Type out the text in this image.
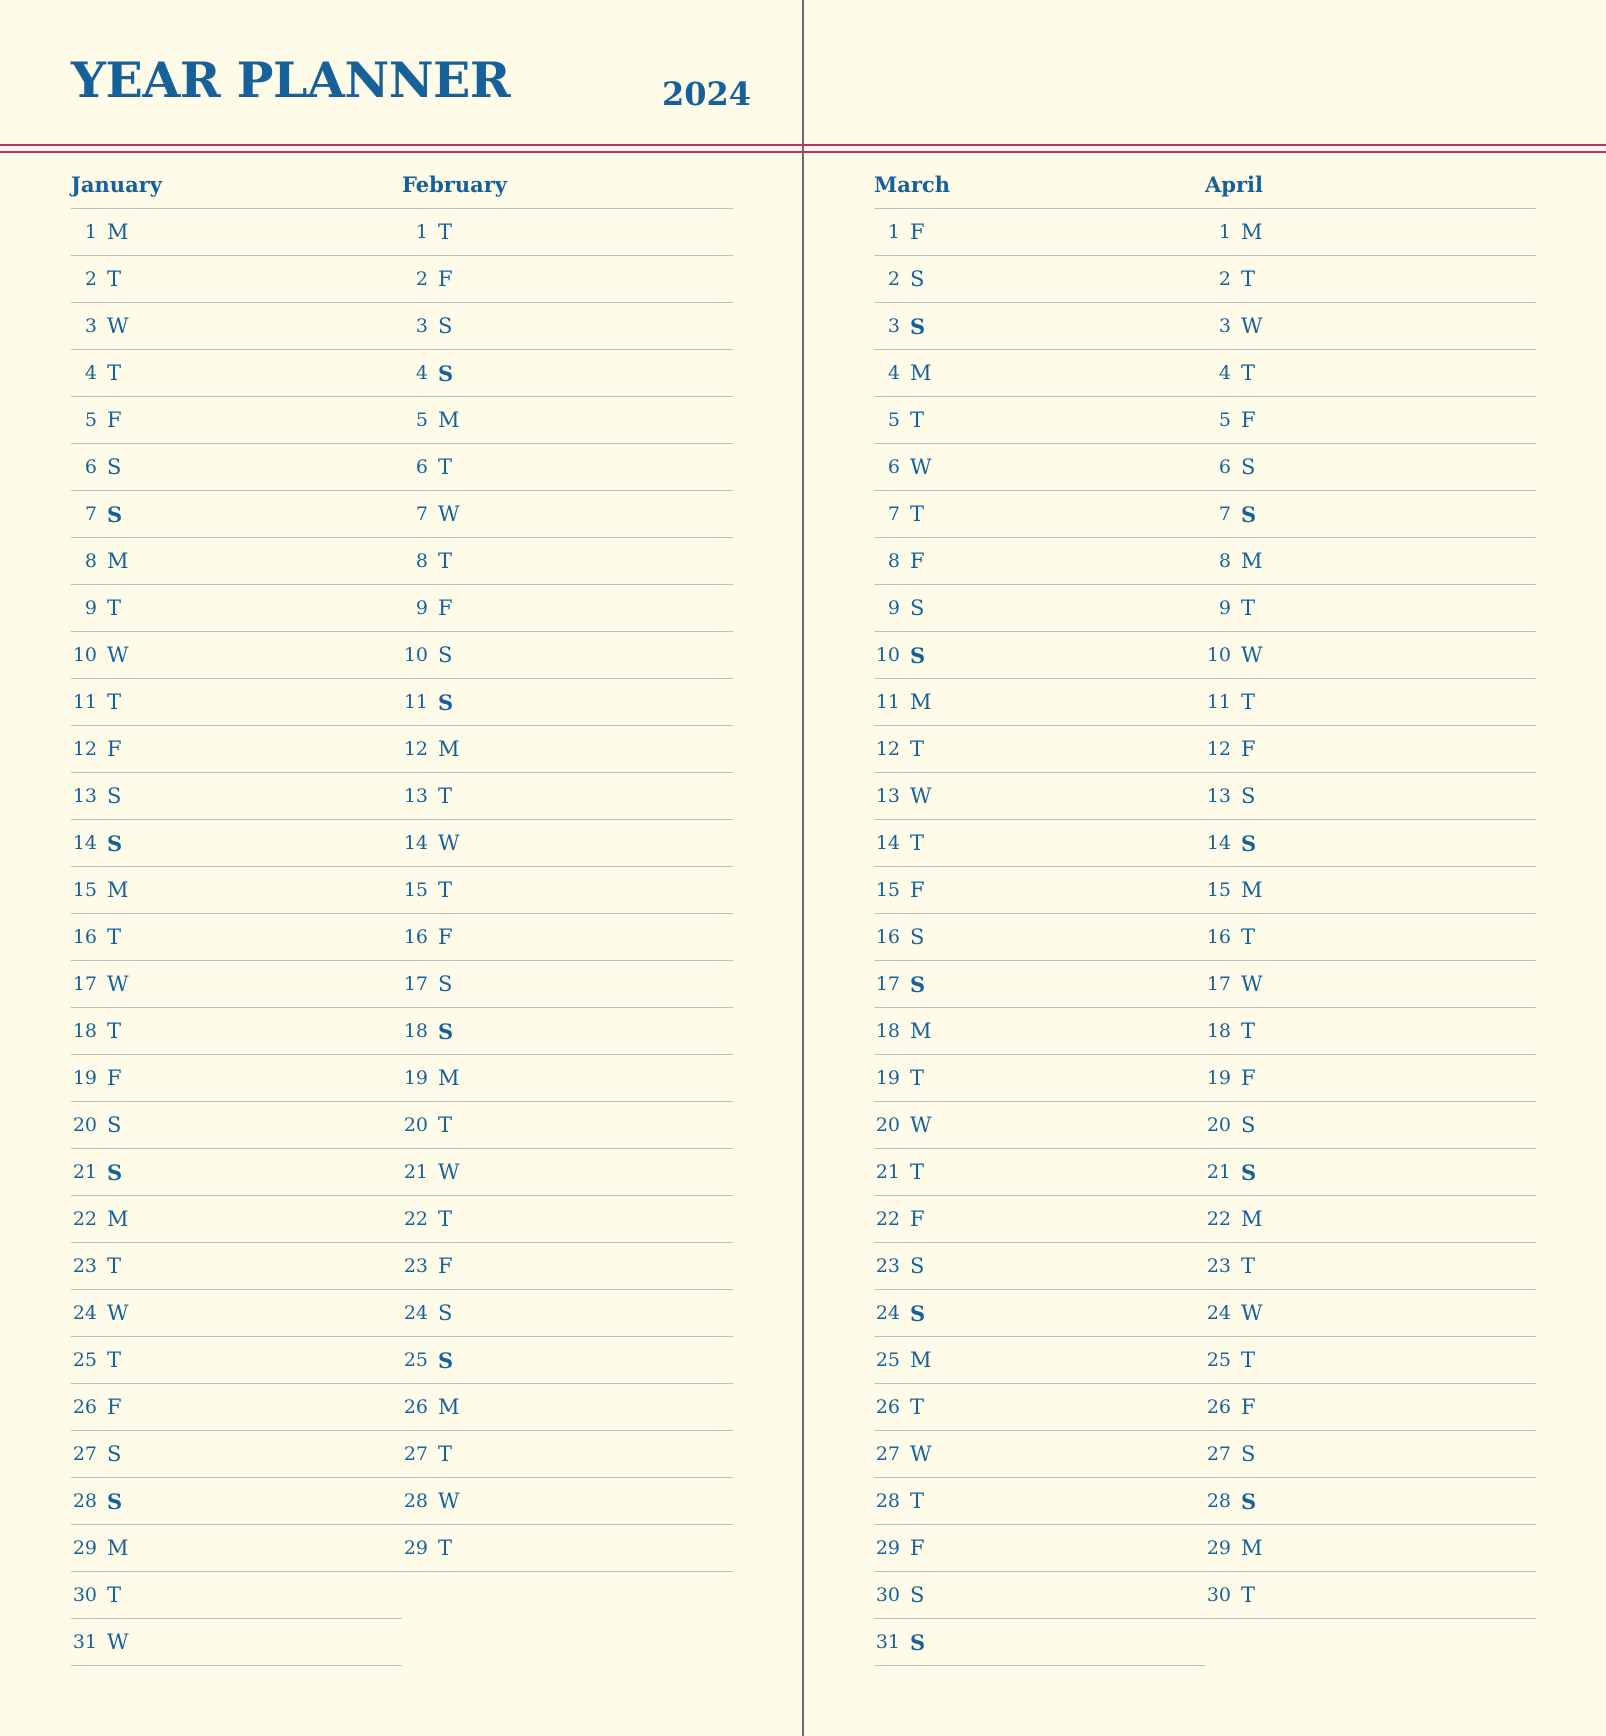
YEAR PLANNER	2024
January
1 M
2 T
3 W
4 T
5 F
6 S
7 S
8 M
9 T
10 W
11 T
12 F
13 S
14 S
15 M
16 T
17 W
18 T
19 F
20 S
21 S
22 M
23 T
24 W
25 T
26 F
27 S
28 S
29 M
30 T
31 W
February
1 T
2 F
3 S
4 S
5 M
6 T
7 W
8 T
9 F
10 S
11 S
12 M
13 T
14 W
15 T
16 F
17 S
18 S
19 M
20 T
21 W
22 T
23 F
24 S
25 S
26 M
27 T
28 W
29 T
March
1 F
2 S
3 S
4 M
5 T
6 W
7 T
8 F
9 S
10 S
11 M
12 T
13 W
14 T
15 F
16 S
17 S
18 M
19 T
20 W
21 T
22 F
23 S
24 S
25 M
26 T
27 W
28 T
29 F
30 S
31 S
April
1 M
2 T
3 W
4 T
5 F
6 S
7 S
8 M
9 T
10 W
11 T
12 F
13 S
14 S
15 M
16 T
17 W
18 T
19 F
20 S
21 S
22 M
23 T
24 W
25 T
26 F
27 S
28 S
29 M
30 T
